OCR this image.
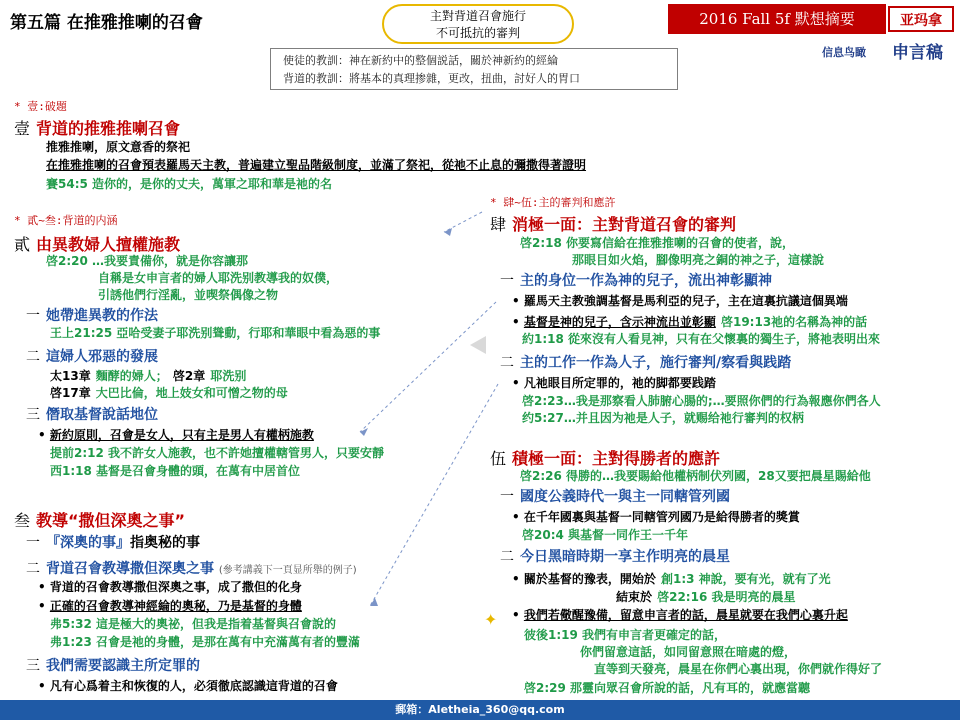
第五篇 在推雅推喇的召會	主對背道召會施行
不可抵抗的審判
2016 Fall 5f 默想摘要	亚玛拿
信息鸟瞰 申言稿
使徒的教訓：神在新約中的整個説話，關於神新約的經綸
背道的教訓：將基本的真理掺雜，更改，扭曲，討好人的胃口
* 壹:破題
壹 背道的推雅推喇召會
推雅推喇，原文意香的祭祀
在推雅推喇的召會預表羅馬天主教，普遍建立聖品階級制度，並滿了祭祀，從祂不止息的彌撒得著證明
賽54:5 造你的，是你的丈夫，萬軍之耶和華是祂的名
* 貳~叁:背道的内涵
貳 由異教婦人擅權施教
啓2:20 …我要責備你，就是你容讓那
自稱是女申言者的婦人耶洗别教導我的奴僕，
引誘他們行淫亂，並喫祭偶像之物
一 她帶進異教的作法
王上21:25 亞哈受妻子耶洗别聳動，行耶和華眼中看為惡的事
二 這婦人邪惡的發展
太13章 麵酵的婦人； 啓2章 耶洗别
啓17章 大巴比倫，地上妓女和可憎之物的母
三 僭取基督說話地位
• 新約原則，召會是女人，只有主是男人有權柄施教
提前2:12 我不許女人施教，也不許她擅權轄管男人，只要安靜
西1:18 基督是召會身體的頭，在萬有中居首位
叁 教導“撒但深奧之事”
一 『深奧的事』指奥秘的事
二 背道召會教導撒但深奧之事 (參考講義下一頁显所舉的例子)
• 背道的召會教導撒但深奧之事，成了撒但的化身
• 正確的召會教導神經綸的奧秘，乃是基督的身體
弗5:32 這是極大的奧祕，但我是指着基督與召會說的
弗1:23 召會是祂的身體，是那在萬有中充滿萬有者的豐滿
三 我們需要認識主所定罪的
• 凡有心爲着主和恢復的人，必須徹底認識這背道的召會
* 肆~伍:主的審判和應許
肆 消極一面：主對背道召會的審判
啓2:18 你要寫信給在推雅推喇的召會的使者，說，
那眼目如火焰，腳像明亮之銅的神之子，這樣說
一 主的身位一作為神的兒子，流出神彰顯神
• 羅馬天主教強調基督是馬利亞的兒子，主在這裏抗議這個異端
• 基督是神的兒子，含示神流出並彰顯 啓19:13祂的名稱為神的話
約1:18 從來沒有人看見神，只有在父懷裏的獨生子，將祂表明出來
二 主的工作一作為人子，施行審判/察看與践踏
• 凡祂眼目所定罪的，祂的脚都要践踏
啓2:23…我是那察看人肺腑心腸的;…要照你們的行為報應你們各人
约5:27…并且因为祂是人子，就赐给祂行審判的权柄
伍 積極一面：主對得勝者的應許
啓2:26 得勝的…我要賜給他權柄制伏列國，28又要把晨星賜給他
一 國度公義時代一與主一同轄管列國
• 在千年國裏與基督一同轄管列國乃是給得勝者的獎賞
啓20:4 與基督一同作王一千年
二 今日黑暗時期一享主作明亮的晨星
• 關於基督的豫表，開始於 創1:3 神說，要有光，就有了光
結束於 啓22:16 我是明亮的晨星
✦ • 我們若儆醒豫備，留意申言者的話，晨星就要在我們心裏升起
彼後1:19 我們有申言者更確定的話，
你們留意這話，如同留意照在暗處的燈，
直等到天發亮，晨星在你們心裏出現，你們就作得好了
啓2:29 那靈向眾召會所說的話，凡有耳的，就應當聽
郵箱：Aletheia_360@qq.com
